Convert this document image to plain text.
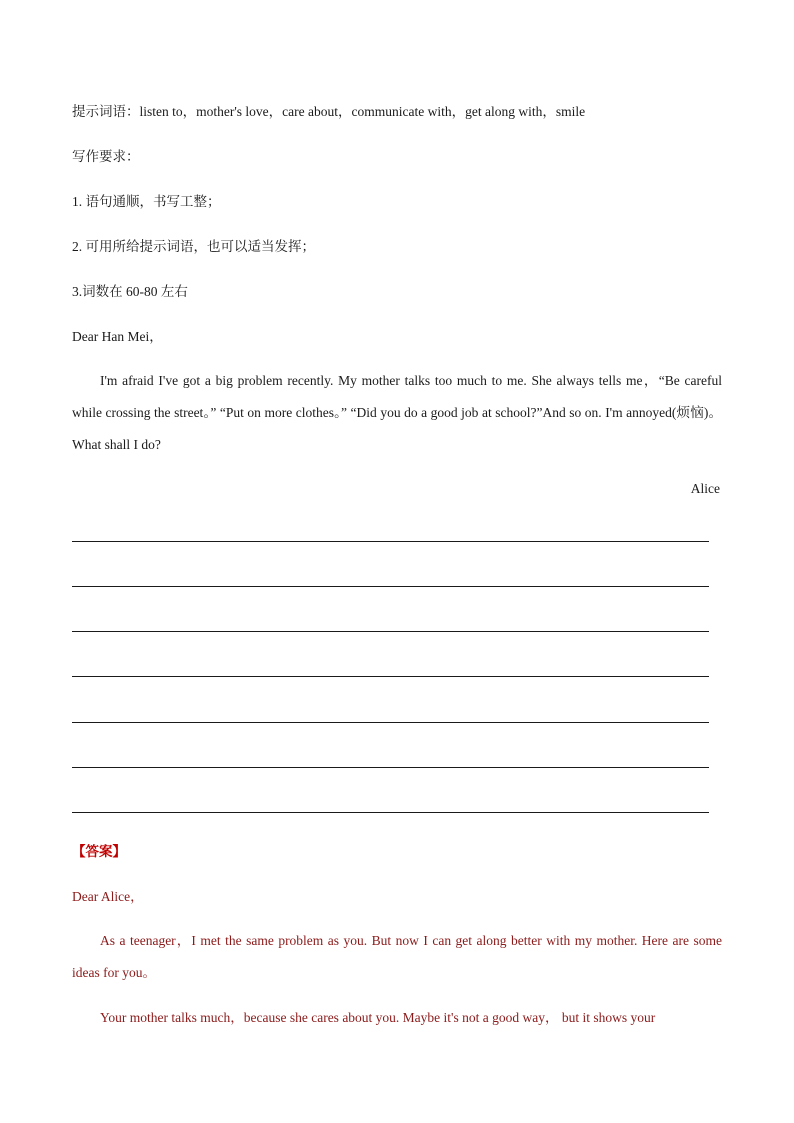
提示词语：listen to，mother's love，care about，communicate with，get along with，smile
写作要求：
1. 语句通顺，书写工整；
2. 可用所给提示词语，也可以适当发挥；
3.词数在 60-80 左右
Dear Han Mei，
I'm afraid I've got a big problem recently. My mother talks too much to me. She always tells me，“Be careful while crossing the street。” “Put on more clothes。” “Did you do a good job at school?”And so on. I'm annoyed(烦恼)。What shall I do?
Alice
【答案】
Dear Alice，
As a teenager，I met the same problem as you. But now I can get along better with my mother. Here are some ideas for you。
Your mother talks much，because she cares about you. Maybe it's not a good way， but it shows your
